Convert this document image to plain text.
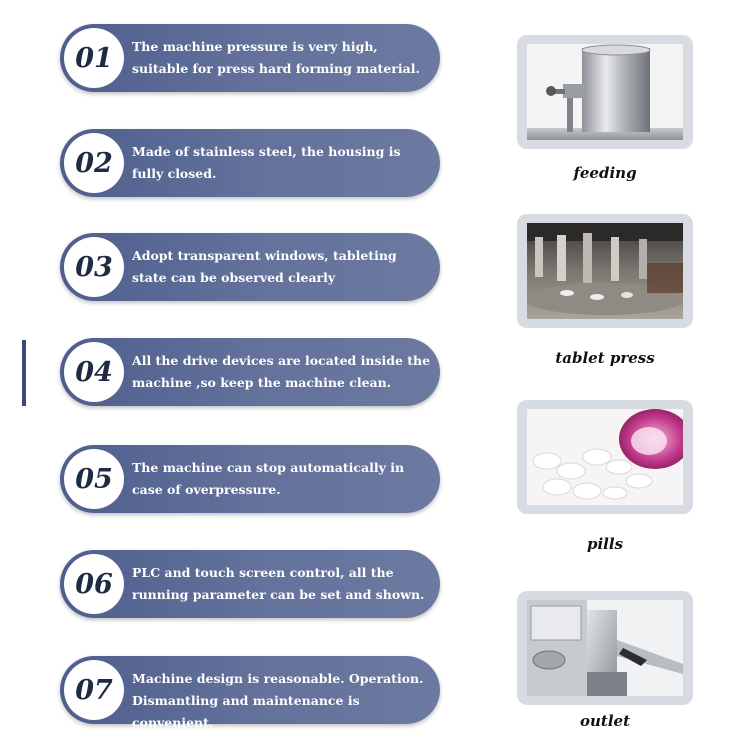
01	The machine pressure is very high, suitable for press hard forming material.
02	Made of stainless steel, the housing is fully closed.
03	Adopt transparent windows, tableting state can be observed clearly
04	All the drive devices are located inside the machine ,so keep the machine clean.
05	The machine can stop automatically in case of overpressure.
06	PLC and touch screen control, all the running parameter can be set and shown.
07	Machine design is reasonable. Operation. Dismantling and maintenance is convenient.
feeding
tablet press
pills
outlet
